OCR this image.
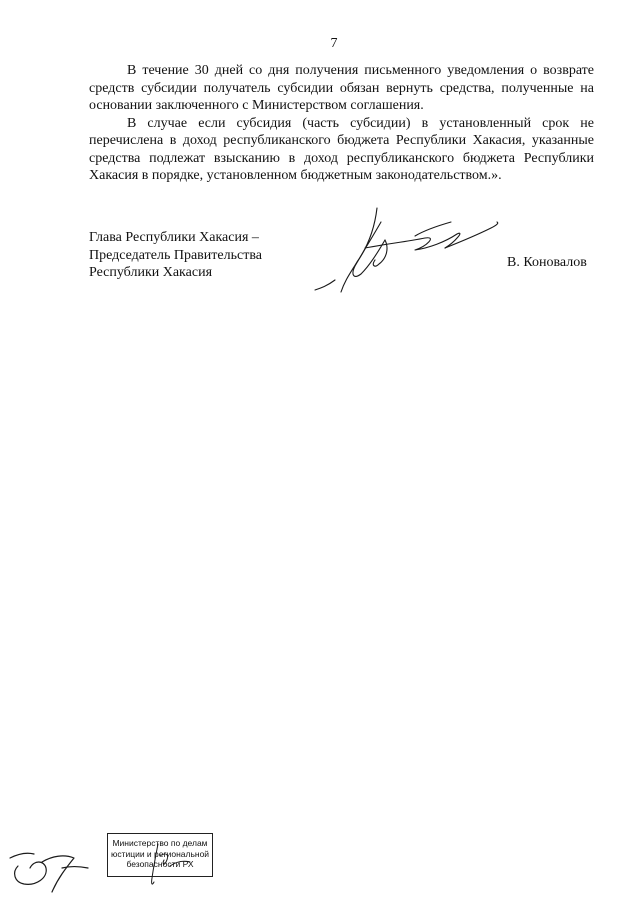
7

В течение 30 дней со дня получения письменного уведомления о возврате средств субсидии получатель субсидии обязан вернуть средства, полученные на основании заключенного с Министерством соглашения.

В случае если субсидия (часть субсидии) в установленный срок не перечислена в доход республиканского бюджета Республики Хакасия, указанные средства подлежат взысканию в доход республиканского бюджета Республики Хакасия в порядке, установленном бюджетным законодательством.».

Глава Республики Хакасия –
Председатель Правительства
Республики Хакасия
В. Коновалов
Министерство по делам
юстиции и региональной
безопасности РХ
